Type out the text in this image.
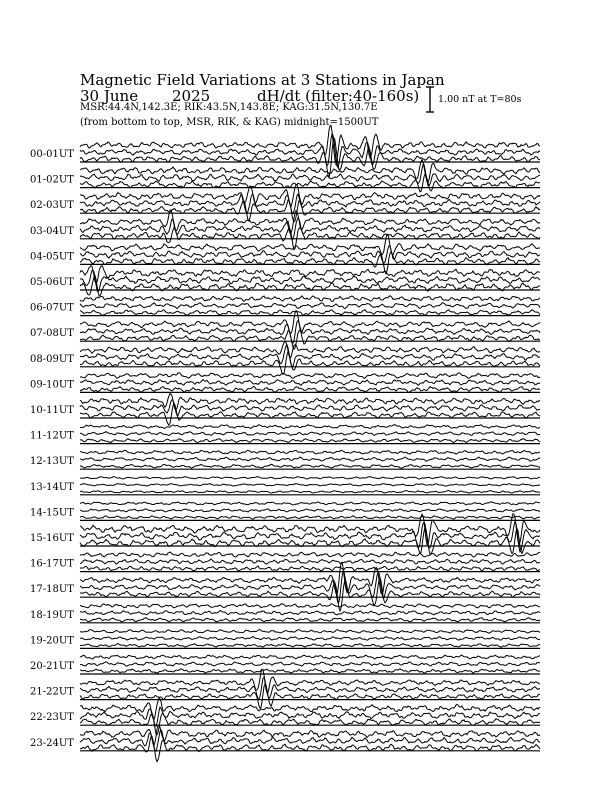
Magnetic Field Variations at 3 Stations in Japan
30 June 2025	dH/dt (filter:40-160s)
MSR:44.4N,142.3E; RIK:43.5N,143.8E; KAG:31.5N,130.7E
(from bottom to top, MSR, RIK, & KAG) midnight=1500UT
1.00 nT at T=80s
00-01UT
01-02UT
02-03UT
03-04UT
04-05UT
05-06UT
06-07UT
07-08UT
08-09UT
09-10UT
10-11UT
11-12UT
12-13UT
13-14UT
14-15UT
15-16UT
16-17UT
17-18UT
18-19UT
19-20UT
20-21UT
21-22UT
22-23UT
23-24UT
